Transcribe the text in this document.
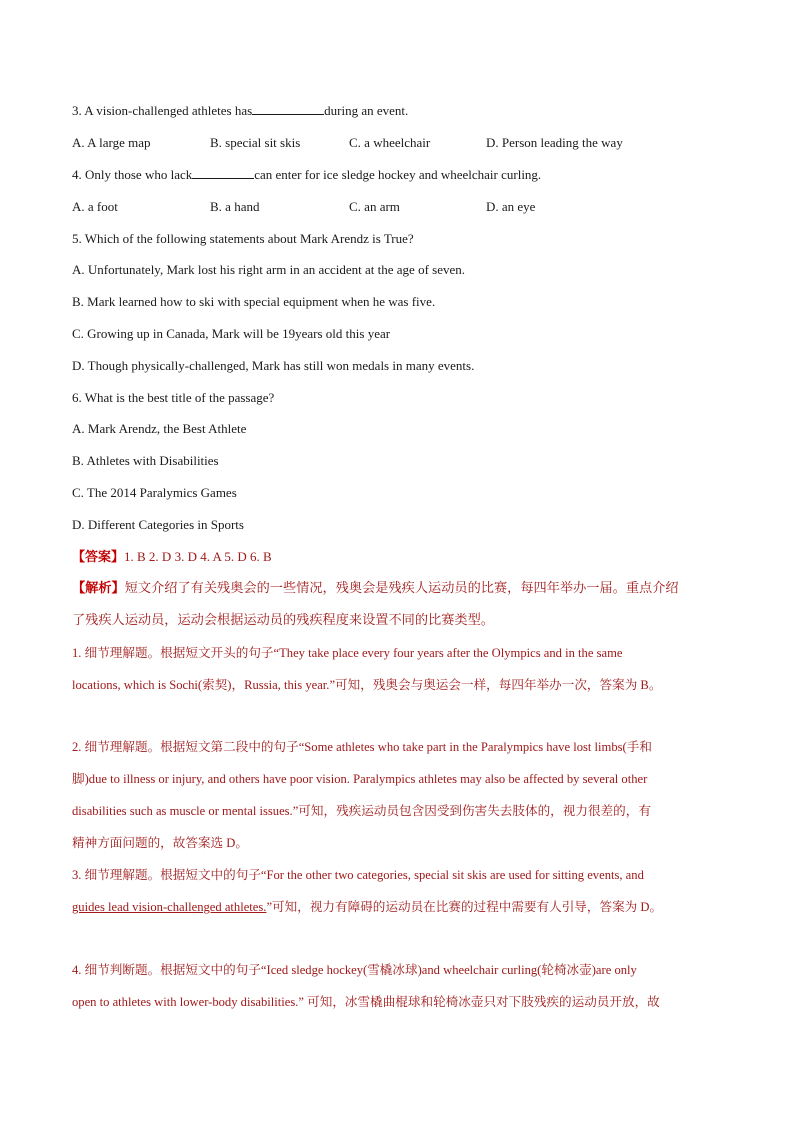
3. A vision-challenged athletes has	during an event.
A. A large map	B. special sit skis	C. a wheelchair	D. Person leading the way
4. Only those who lack	can enter for ice sledge hockey and wheelchair curling.
A. a foot	B. a hand	C. an arm	D. an eye
5. Which of the following statements about Mark Arendz is True?
A. Unfortunately, Mark lost his right arm in an accident at the age of seven.
B. Mark learned how to ski with special equipment when he was five.
C. Growing up in Canada, Mark will be 19years old this year
D. Though physically-challenged, Mark has still won medals in many events.
6. What is the best title of the passage?
A. Mark Arendz, the Best Athlete
B. Athletes with Disabilities
C. The 2014 Paralymics Games
D. Different Categories in Sports
【答案】1. B 2. D 3. D 4. A 5. D 6. B
【解析】短文介绍了有关残奥会的一些情况，残奥会是残疾人运动员的比赛，每四年举办一届。重点介绍
了残疾人运动员，运动会根据运动员的残疾程度来设置不同的比赛类型。
1. 细节理解题。根据短文开头的句子“They take place every four years after the Olympics and in the same
locations, which is Sochi(索契)，Russia, this year.”可知，残奥会与奥运会一样，每四年举办一次，答案为 B。
2. 细节理解题。根据短文第二段中的句子“Some athletes who take part in the Paralympics have lost limbs(手和
脚)due to illness or injury, and others have poor vision. Paralympics athletes may also be affected by several other
disabilities such as muscle or mental issues.”可知，残疾运动员包含因受到伤害失去肢体的，视力很差的，有
精神方面问题的，故答案选 D。
3. 细节理解题。根据短文中的句子“For the other two categories, special sit skis are used for sitting events, and
guides lead vision-challenged athletes.”可知，视力有障碍的运动员在比赛的过程中需要有人引导，答案为 D。
4. 细节判断题。根据短文中的句子“Iced sledge hockey(雪橇冰球)and wheelchair curling(轮椅冰壶)are only
open to athletes with lower-body disabilities.” 可知，冰雪橇曲棍球和轮椅冰壶只对下肢残疾的运动员开放，故
